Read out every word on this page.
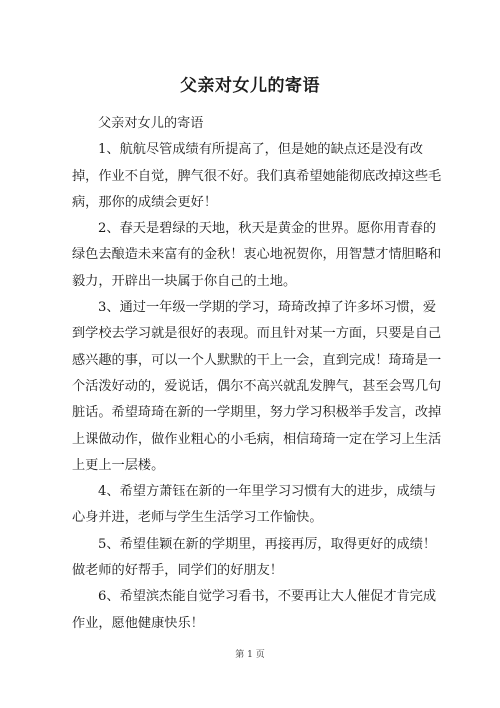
父亲对女儿的寄语

父亲对女儿的寄语

1、航航尽管成绩有所提高了，但是她的缺点还是没有改掉，作业不自觉，脾气很不好。我们真希望她能彻底改掉这些毛病，那你的成绩会更好！

2、春天是碧绿的天地，秋天是黄金的世界。愿你用青春的绿色去酿造未来富有的金秋！衷心地祝贺你，用智慧才情胆略和毅力，开辟出一块属于你自己的土地。

3、通过一年级一学期的学习，琦琦改掉了许多坏习惯，爱到学校去学习就是很好的表现。而且针对某一方面，只要是自己感兴趣的事，可以一个人默默的干上一会，直到完成！琦琦是一个活泼好动的，爱说话，偶尔不高兴就乱发脾气，甚至会骂几句脏话。希望琦琦在新的一学期里，努力学习积极举手发言，改掉上课做动作，做作业粗心的小毛病，相信琦琦一定在学习上生活上更上一层楼。

4、希望方萧钰在新的一年里学习习惯有大的进步，成绩与心身并进，老师与学生生活学习工作愉快。

5、希望佳颖在新的学期里，再接再厉，取得更好的成绩！做老师的好帮手，同学们的好朋友！

6、希望滨杰能自觉学习看书，不要再让大人催促才肯完成作业，愿他健康快乐！

第 1 页
